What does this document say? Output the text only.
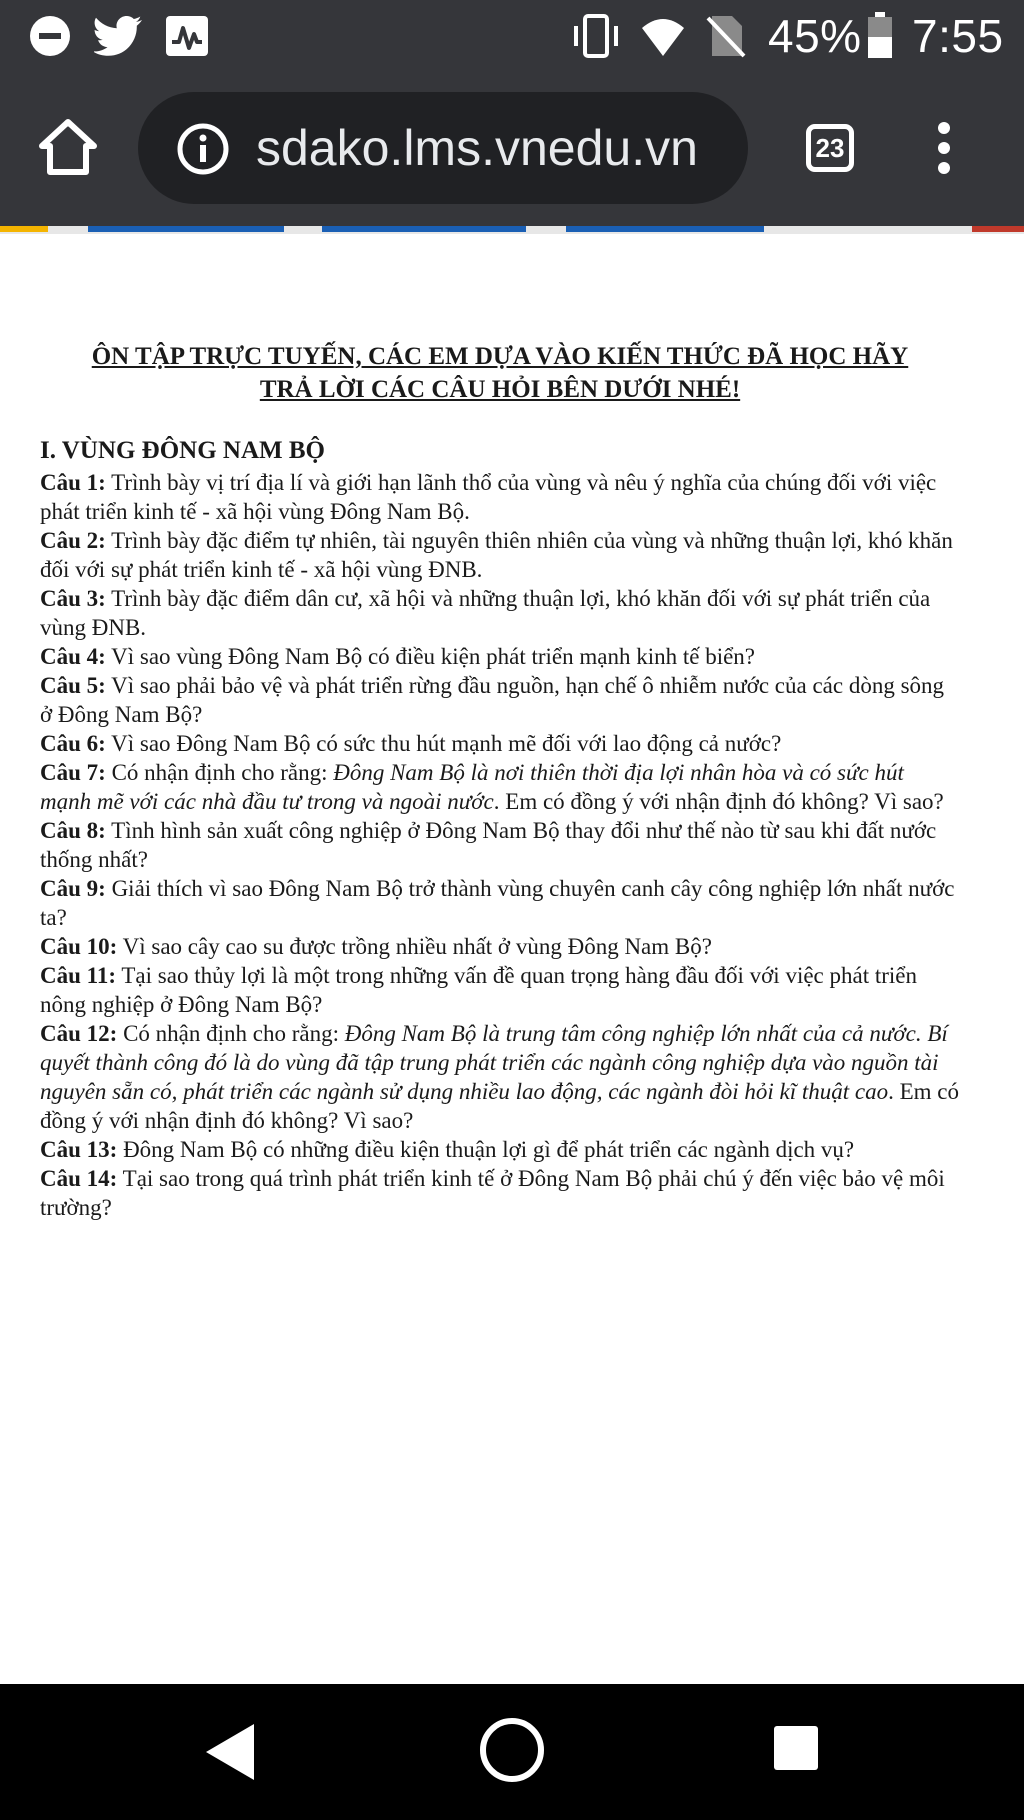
45% 7:55
sdako.lms.vnedu.vn	23
ÔN TẬP TRỰC TUYẾN, CÁC EM DỰA VÀO KIẾN THỨC ĐÃ HỌC HÃY
TRẢ LỜI CÁC CÂU HỎI BÊN DƯỚI NHÉ!
I. VÙNG ĐÔNG NAM BỘ

Câu 1: Trình bày vị trí địa lí và giới hạn lãnh thổ của vùng và nêu ý nghĩa của chúng đối với việc phát triển kinh tế - xã hội vùng Đông Nam Bộ.

Câu 2: Trình bày đặc điểm tự nhiên, tài nguyên thiên nhiên của vùng và những thuận lợi, khó khăn đối với sự phát triển kinh tế - xã hội vùng ĐNB.

Câu 3: Trình bày đặc điểm dân cư, xã hội và những thuận lợi, khó khăn đối với sự phát triển của vùng ĐNB.

Câu 4: Vì sao vùng Đông Nam Bộ có điều kiện phát triển mạnh kinh tế biển?

Câu 5: Vì sao phải bảo vệ và phát triển rừng đầu nguồn, hạn chế ô nhiễm nước của các dòng sông ở Đông Nam Bộ?

Câu 6: Vì sao Đông Nam Bộ có sức thu hút mạnh mẽ đối với lao động cả nước?

Câu 7: Có nhận định cho rằng: Đông Nam Bộ là nơi thiên thời địa lợi nhân hòa và có sức hút mạnh mẽ với các nhà đầu tư trong và ngoài nước. Em có đồng ý với nhận định đó không? Vì sao?

Câu 8: Tình hình sản xuất công nghiệp ở Đông Nam Bộ thay đổi như thế nào từ sau khi đất nước thống nhất?

Câu 9: Giải thích vì sao Đông Nam Bộ trở thành vùng chuyên canh cây công nghiệp lớn nhất nước ta?

Câu 10: Vì sao cây cao su được trồng nhiều nhất ở vùng Đông Nam Bộ?

Câu 11: Tại sao thủy lợi là một trong những vấn đề quan trọng hàng đầu đối với việc phát triển nông nghiệp ở Đông Nam Bộ?

Câu 12: Có nhận định cho rằng: Đông Nam Bộ là trung tâm công nghiệp lớn nhất của cả nước. Bí quyết thành công đó là do vùng đã tập trung phát triển các ngành công nghiệp dựa vào nguồn tài nguyên sẵn có, phát triển các ngành sử dụng nhiều lao động, các ngành đòi hỏi kĩ thuật cao. Em có đồng ý với nhận định đó không? Vì sao?

Câu 13: Đông Nam Bộ có những điều kiện thuận lợi gì để phát triển các ngành dịch vụ?

Câu 14: Tại sao trong quá trình phát triển kinh tế ở Đông Nam Bộ phải chú ý đến việc bảo vệ môi trường?
